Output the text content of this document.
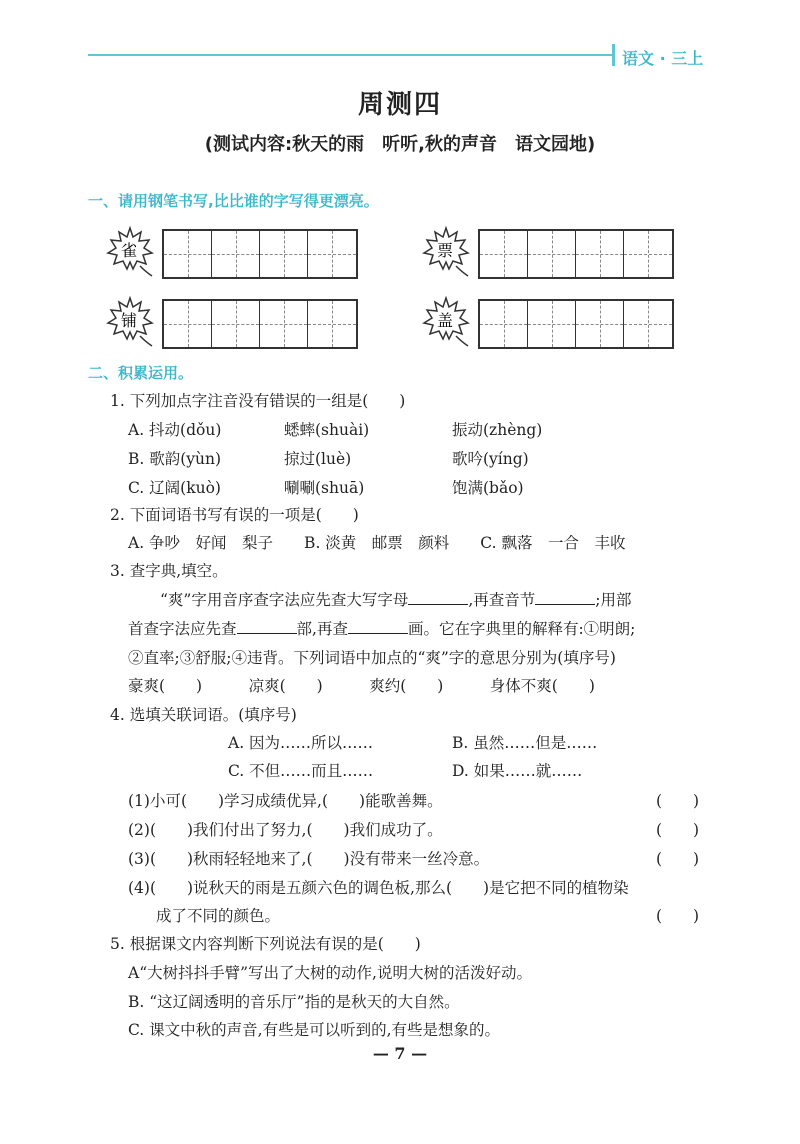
语文 · 三上
周测四
(测试内容:秋天的雨　听听,秋的声音　语文园地)
一、请用钢笔书写,比比谁的字写得更漂亮。
雀	票
铺	盖
二、积累运用。
1. 下列加点字注音没有错误的一组是(　　)
A. 抖动(dǒu)	蟋蟀(shuài)	振动(zhèng)
B. 歌韵(yùn)	掠过(luè)	歌吟(yíng)
C. 辽阔(kuò)	唰唰(shuā)	饱满(bǎo)
2. 下面词语书写有误的一项是(　　)
A. 争吵　好闻　梨子　　B. 淡黄　邮票　颜料　　C. 飘落　一合　丰收
3. 查字典,填空。
“爽”字用音序查字法应先查大写字母	,再查音节	;用部
首查字法应先查	部,再查	画。它在字典里的解释有:①明朗;
②直率;③舒服;④违背。下列词语中加点的“爽”字的意思分别为(填序号)
豪爽(　　)　　　凉爽(　　)　　　爽约(　　)　　　身体不爽(　　)
4. 选填关联词语。(填序号)
A. 因为……所以……	B. 虽然……但是……
C. 不但……而且……	D. 如果……就……
(1)小可(　　)学习成绩优异,(　　)能歌善舞。	(　　)
(2)(　　)我们付出了努力,(　　)我们成功了。	(　　)
(3)(　　)秋雨轻轻地来了,(　　)没有带来一丝冷意。	(　　)
(4)(　　)说秋天的雨是五颜六色的调色板,那么(　　)是它把不同的植物染
成了不同的颜色。	(　　)
5. 根据课文内容判断下列说法有误的是(　　)
A“大树抖抖手臂”写出了大树的动作,说明大树的活泼好动。
B. “这辽阔透明的音乐厅”指的是秋天的大自然。
C. 课文中秋的声音,有些是可以听到的,有些是想象的。
— 7 —
